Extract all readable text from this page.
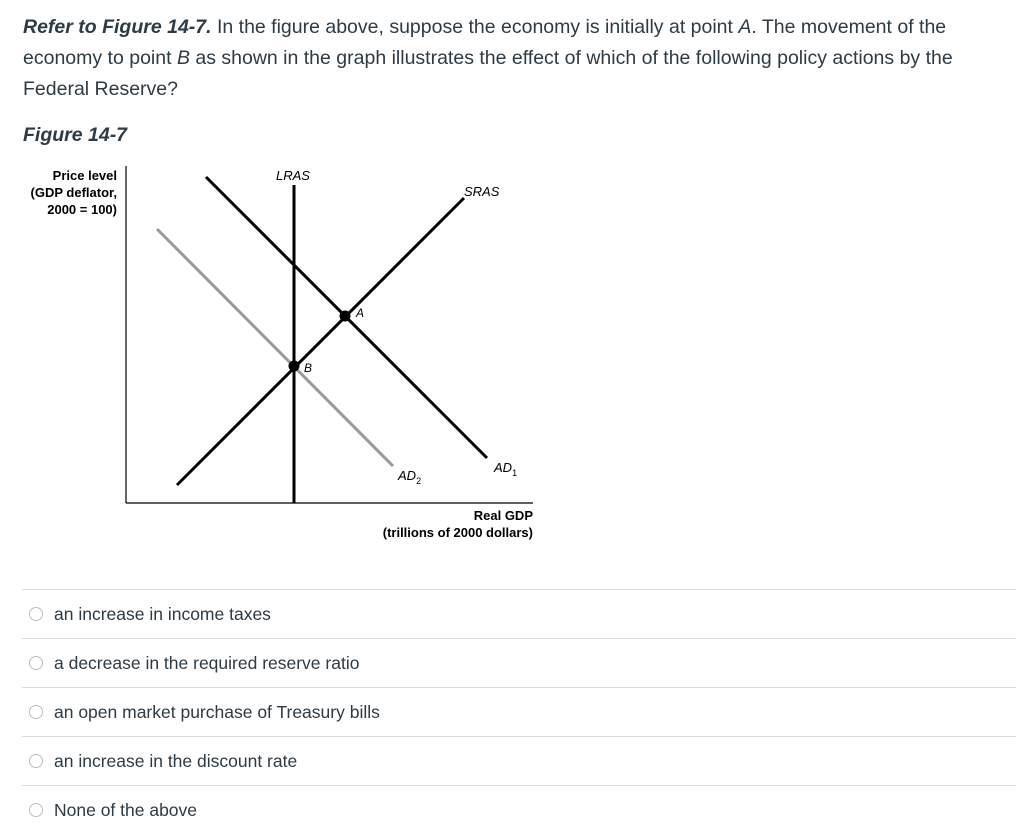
Refer to Figure 14-7. In the figure above, suppose the economy is initially at point A. The movement of the economy to point B as shown in the graph illustrates the effect of which of the following policy actions by the Federal Reserve?
Figure 14-7
Price level
(GDP deflator,
2000 = 100)
Real GDP
(trillions of 2000 dollars)
A
B
LRAS
SRAS
$AD_1$
$AD_2$
an increase in income taxes
a decrease in the required reserve ratio
an open market purchase of Treasury bills
an increase in the discount rate
None of the above
